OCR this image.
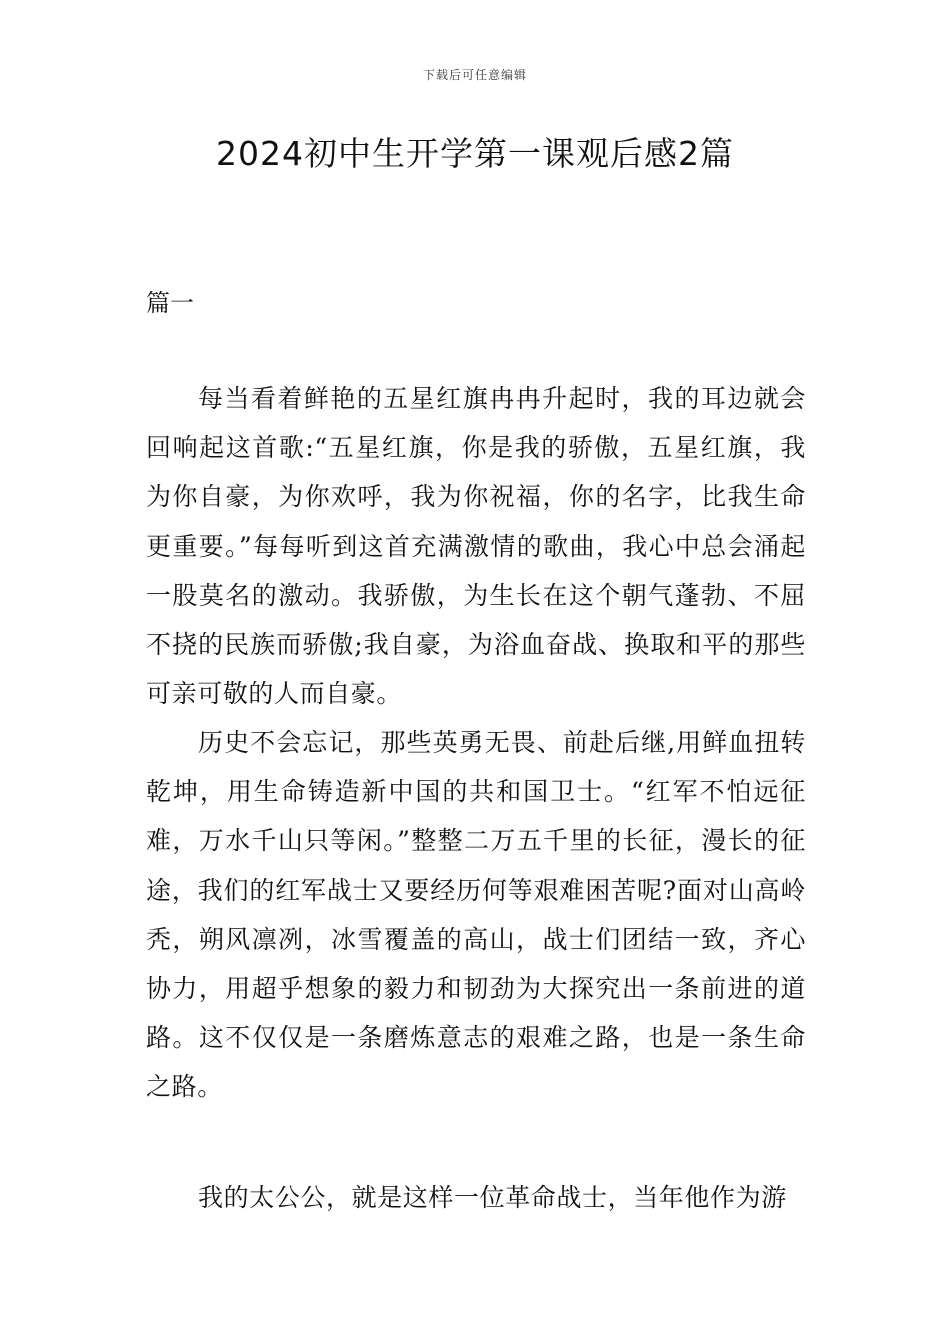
下载后可任意编辑
2024初中生开学第一课观后感2篇
篇一

每当看着鲜艳的五星红旗冉冉升起时，我的耳边就会回响起这首歌:“五星红旗，你是我的骄傲，五星红旗，我为你自豪，为你欢呼，我为你祝福，你的名字，比我生命更重要。”每每听到这首充满激情的歌曲，我心中总会涌起一股莫名的激动。我骄傲，为生长在这个朝气蓬勃、不屈不挠的民族而骄傲;我自豪，为浴血奋战、换取和平的那些可亲可敬的人而自豪。

历史不会忘记，那些英勇无畏、前赴后继,用鲜血扭转乾坤，用生命铸造新中国的共和国卫士。“红军不怕远征难，万水千山只等闲。”整整二万五千里的长征，漫长的征途，我们的红军战士又要经历何等艰难困苦呢?面对山高岭秃，朔风凛冽，冰雪覆盖的高山，战士们团结一致，齐心协力，用超乎想象的毅力和韧劲为大探究出一条前进的道路。这不仅仅是一条磨炼意志的艰难之路，也是一条生命之路。

我的太公公，就是这样一位革命战士，当年他作为游
